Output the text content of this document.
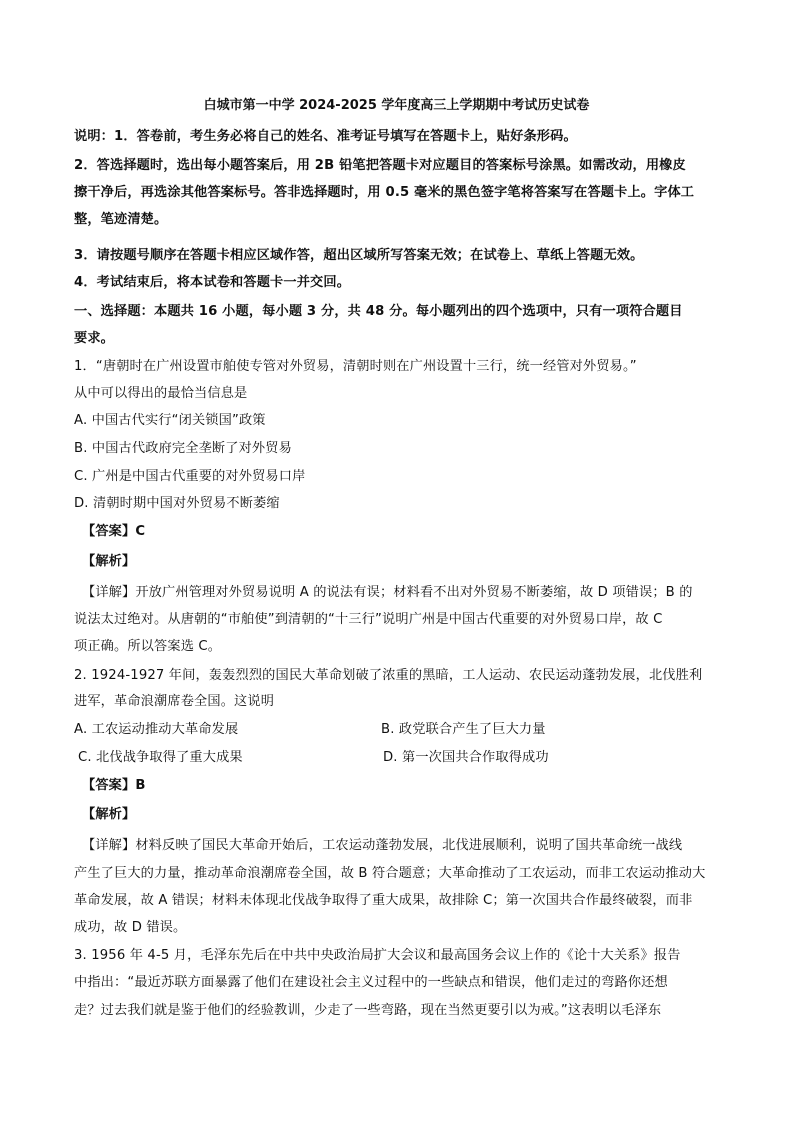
白城市第一中学 2024-2025 学年度高三上学期期中考试历史试卷
说明：1．答卷前，考生务必将自己的姓名、准考证号填写在答题卡上，贴好条形码。
2．答选择题时，选出每小题答案后，用 2B 铅笔把答题卡对应题目的答案标号涂黑。如需改动，用橡皮
擦干净后，再选涂其他答案标号。答非选择题时，用 0.5 毫米的黑色签字笔将答案写在答题卡上。字体工
整，笔迹清楚。
3．请按题号顺序在答题卡相应区域作答，超出区域所写答案无效；在试卷上、草纸上答题无效。
4．考试结束后，将本试卷和答题卡一并交回。
一、选择题：本题共 16 小题，每小题 3 分，共 48 分。每小题列出的四个选项中，只有一项符合题目
要求。
1．“唐朝时在广州设置市舶使专管对外贸易，清朝时则在广州设置十三行，统一经管对外贸易。”
从中可以得出的最恰当信息是
A. 中国古代实行“闭关锁国”政策
B. 中国古代政府完全垄断了对外贸易
C. 广州是中国古代重要的对外贸易口岸
D. 清朝时期中国对外贸易不断萎缩
【答案】C
【解析】
【详解】开放广州管理对外贸易说明 A 的说法有误；材料看不出对外贸易不断萎缩，故 D 项错误；B 的
说法太过绝对。从唐朝的“市舶使”到清朝的“十三行”说明广州是中国古代重要的对外贸易口岸，故 C
项正确。所以答案选 C。
2. 1924-1927 年间，轰轰烈烈的国民大革命划破了浓重的黑暗，工人运动、农民运动蓬勃发展，北伐胜利
进军，革命浪潮席卷全国。这说明
A. 工农运动推动大革命发展	B. 政党联合产生了巨大力量
C. 北伐战争取得了重大成果	D. 第一次国共合作取得成功
【答案】B
【解析】
【详解】材料反映了国民大革命开始后，工农运动蓬勃发展，北伐进展顺利，说明了国共革命统一战线
产生了巨大的力量，推动革命浪潮席卷全国，故 B 符合题意；大革命推动了工农运动，而非工农运动推动大
革命发展，故 A 错误；材料未体现北伐战争取得了重大成果，故排除 C；第一次国共合作最终破裂，而非
成功，故 D 错误。
3. 1956 年 4-5 月，毛泽东先后在中共中央政治局扩大会议和最高国务会议上作的《论十大关系》报告
中指出：“最近苏联方面暴露了他们在建设社会主义过程中的一些缺点和错误，他们走过的弯路你还想
走？过去我们就是鉴于他们的经验教训，少走了一些弯路，现在当然更要引以为戒。”这表明以毛泽东
